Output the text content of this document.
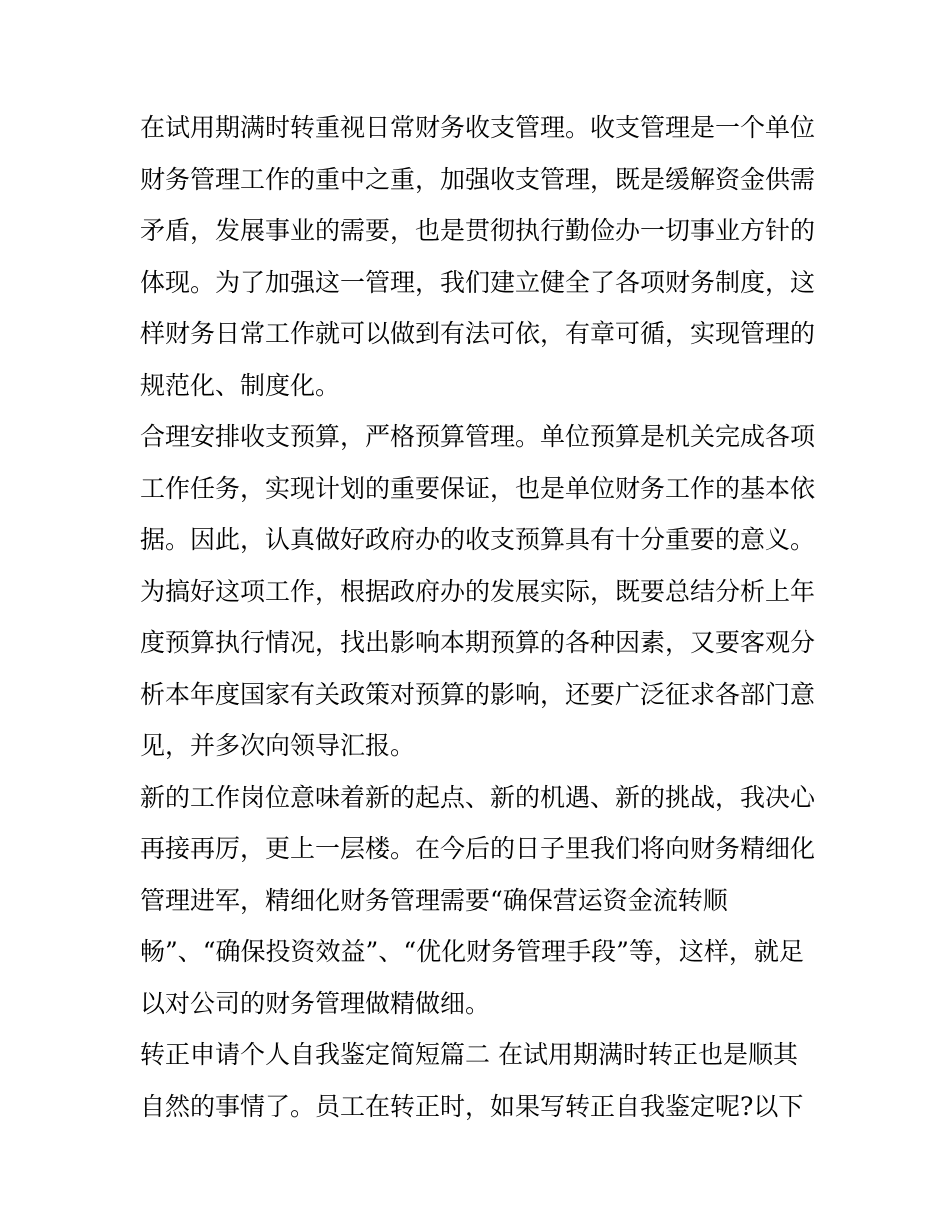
在试用期满时转重视日常财务收支管理。收支管理是一个单位
财务管理工作的重中之重，加强收支管理，既是缓解资金供需
矛盾，发展事业的需要，也是贯彻执行勤俭办一切事业方针的
体现。为了加强这一管理，我们建立健全了各项财务制度，这
样财务日常工作就可以做到有法可依，有章可循，实现管理的
规范化、制度化。
合理安排收支预算，严格预算管理。单位预算是机关完成各项
工作任务，实现计划的重要保证，也是单位财务工作的基本依
据。因此，认真做好政府办的收支预算具有十分重要的意义。
为搞好这项工作，根据政府办的发展实际，既要总结分析上年
度预算执行情况，找出影响本期预算的各种因素，又要客观分
析本年度国家有关政策对预算的影响，还要广泛征求各部门意
见，并多次向领导汇报。
新的工作岗位意味着新的起点、新的机遇、新的挑战，我决心
再接再厉，更上一层楼。在今后的日子里我们将向财务精细化
管理进军，精细化财务管理需要“确保营运资金流转顺
畅”、“确保投资效益”、“优化财务管理手段”等，这样，就足
以对公司的财务管理做精做细。
转正申请个人自我鉴定简短篇二 在试用期满时转正也是顺其
自然的事情了。员工在转正时，如果写转正自我鉴定呢?以下
